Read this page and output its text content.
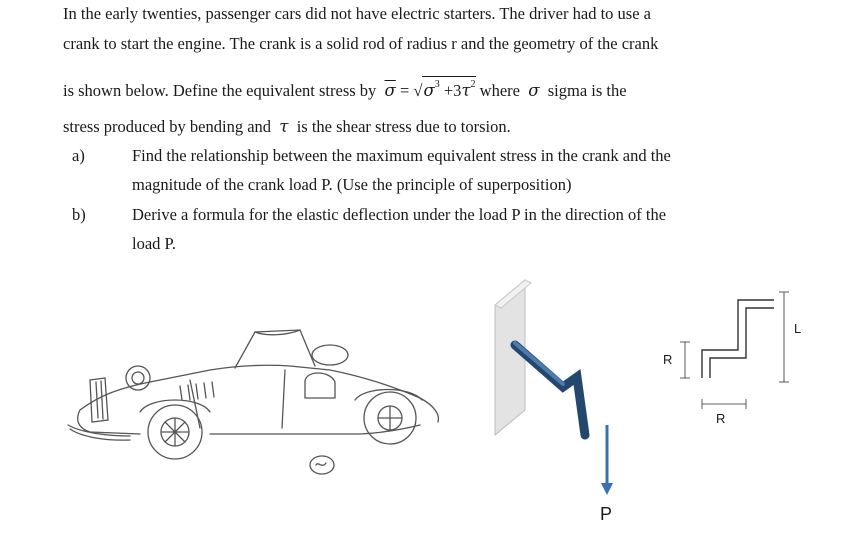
In the early twenties, passenger cars did not have electric starters. The driver had to use a
crank to start the engine. The crank is a solid rod of radius r and the geometry of the crank
is shown below. Define the equivalent stress by $\overline{\sigma} = √\sigma^3 +3\tau^2$ where σ sigma is the
stress produced by bending and τ is the shear stress due to torsion.
a)	Find the relationship between the maximum equivalent stress in the crank and the
magnitude of the crank load P. (Use the principle of superposition)
b)	Derive a formula for the elastic deflection under the load P in the direction of the
load P.
P
R
R
L
